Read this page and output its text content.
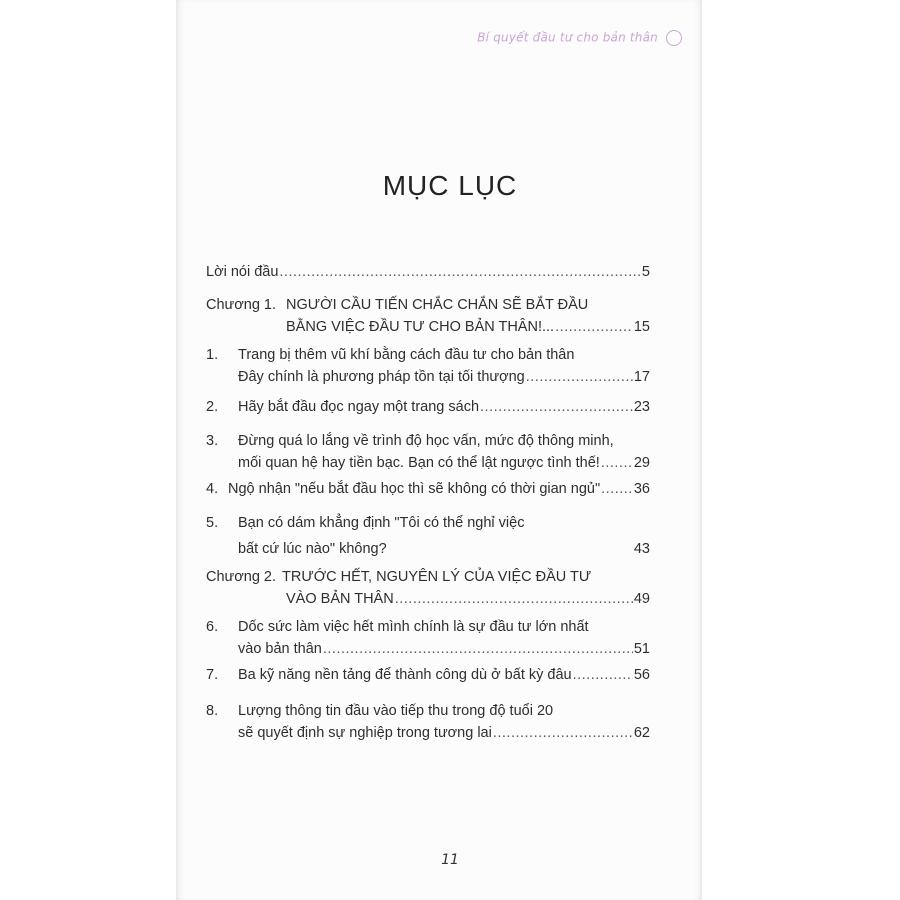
Bí quyết đầu tư cho bản thân
MỤC LỤC
Lời nói đầu .....	5
Chương 1. NGƯỜI CẦU TIẾN CHẮC CHẮN SẼ BẮT ĐẦU
BẰNG VIỆC ĐẦU TƯ CHO BẢN THÂN!... .....	15
1.	Trang bị thêm vũ khí bằng cách đầu tư cho bản thân
Đây chính là phương pháp tồn tại tối thượng .....	17
2.	Hãy bắt đầu đọc ngay một trang sách .....	23
3.	Đừng quá lo lắng về trình độ học vấn, mức độ thông minh,
mối quan hệ hay tiền bạc. Bạn có thể lật ngược tình thế! ..... 29
4. Ngộ nhận "nếu bắt đầu học thì sẽ không có thời gian ngủ" ..... 36
5.	Bạn có dám khẳng định "Tôi có thể nghỉ việc
bất cứ lúc nào" không?	43
Chương 2. TRƯỚC HẾT, NGUYÊN LÝ CỦA VIỆC ĐẦU TƯ
VÀO BẢN THÂN .....	49
6.	Dốc sức làm việc hết mình chính là sự đầu tư lớn nhất
vào bản thân .....	51
7.	Ba kỹ năng nền tảng để thành công dù ở bất kỳ đâu .....	56
8.	Lượng thông tin đầu vào tiếp thu trong độ tuổi 20
sẽ quyết định sự nghiệp trong tương lai .....	62
11
